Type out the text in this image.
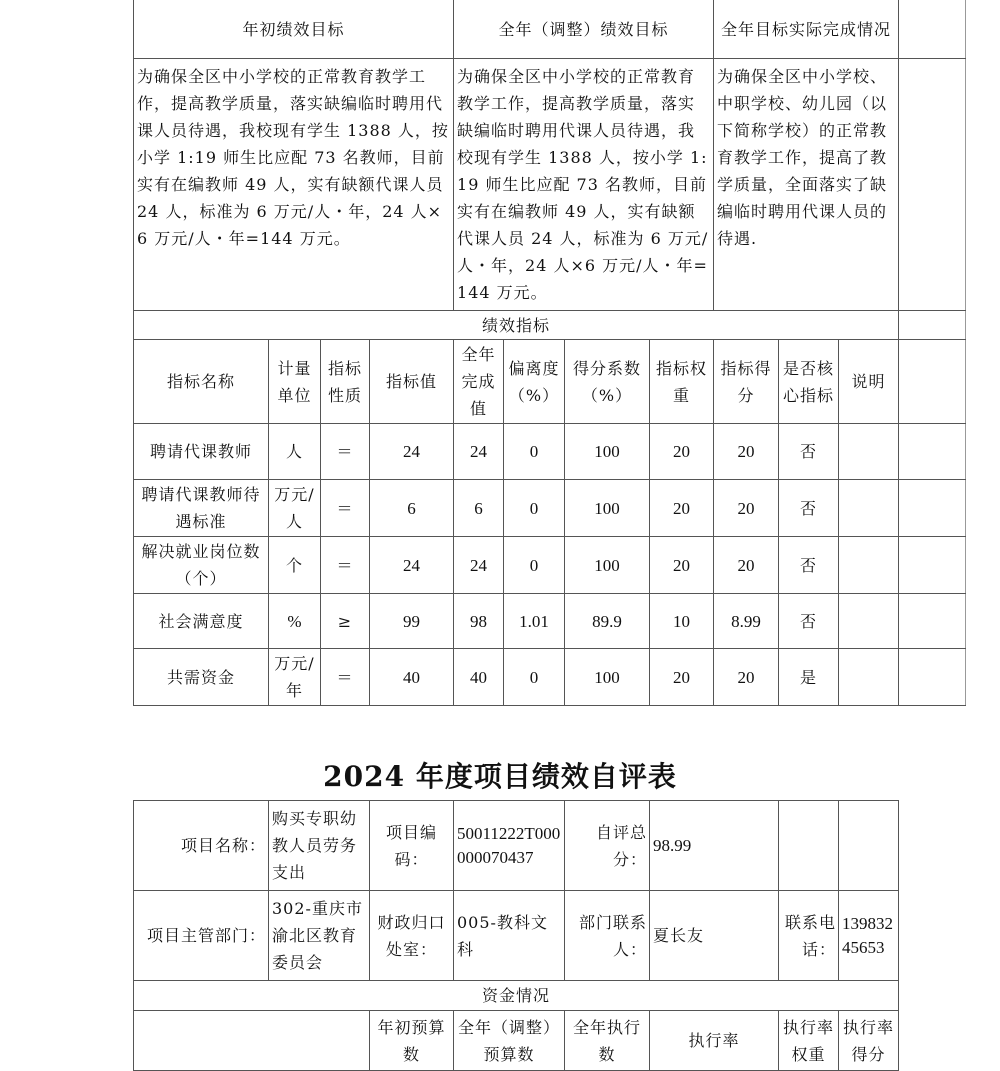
年初绩效目标				全年（调整）绩效目标				全年目标实际完成情况			
为确保全区中小学校的正常教育教学工作，提高教学质量，落实缺编临时聘用代课人员待遇，我校现有学生 1388 人，按小学 1:19 师生比应配 73 名教师，目前实有在编教师 49 人，实有缺额代课人员 24 人，标准为 6 万元/人・年，24 人×6 万元/人・年=144 万元。				为确保全区中小学校的正常教育教学工作，提高教学质量，落实缺编临时聘用代课人员待遇，我校现有学生 1388 人，按小学 1:19 师生比应配 73 名教师，目前实有在编教师 49 人，实有缺额代课人员 24 人，标准为 6 万元/人・年，24 人×6 万元/人・年=144 万元。				为确保全区中小学校、中职学校、幼儿园（以下简称学校）的正常教育教学工作，提高了教学质量，全面落实了缺编临时聘用代课人员的待遇.			
绩效指标											
指标名称	计量单位	指标性质	指标值	全年完成值	偏离度（%）	得分系数（%）	指标权重	指标得分	是否核心指标	说明	
聘请代课教师	人	＝	24	24	0	100	20	20	否		
聘请代课教师待遇标准	万元/人	＝	6	6	0	100	20	20	否		
解决就业岗位数（个）	个	＝	24	24	0	100	20	20	否		
社会满意度	%	≥	99	98	1.01	89.9	10	8.99	否		
共需资金	万元/年	＝	40	40	0	100	20	20	是		
2024 年度项目绩效自评表
项目名称：	购买专职幼教人员劳务支出	项目编码：	50011222T000000070437	自评总分：	98.99		
项目主管部门：	302-重庆市渝北区教育委员会	财政归口处室：	005-教科文科	部门联系人：	夏长友	联系电话：	13983245653
资金情况							
		年初预算数	全年（调整）预算数	全年执行数	执行率	执行率权重	执行率得分
